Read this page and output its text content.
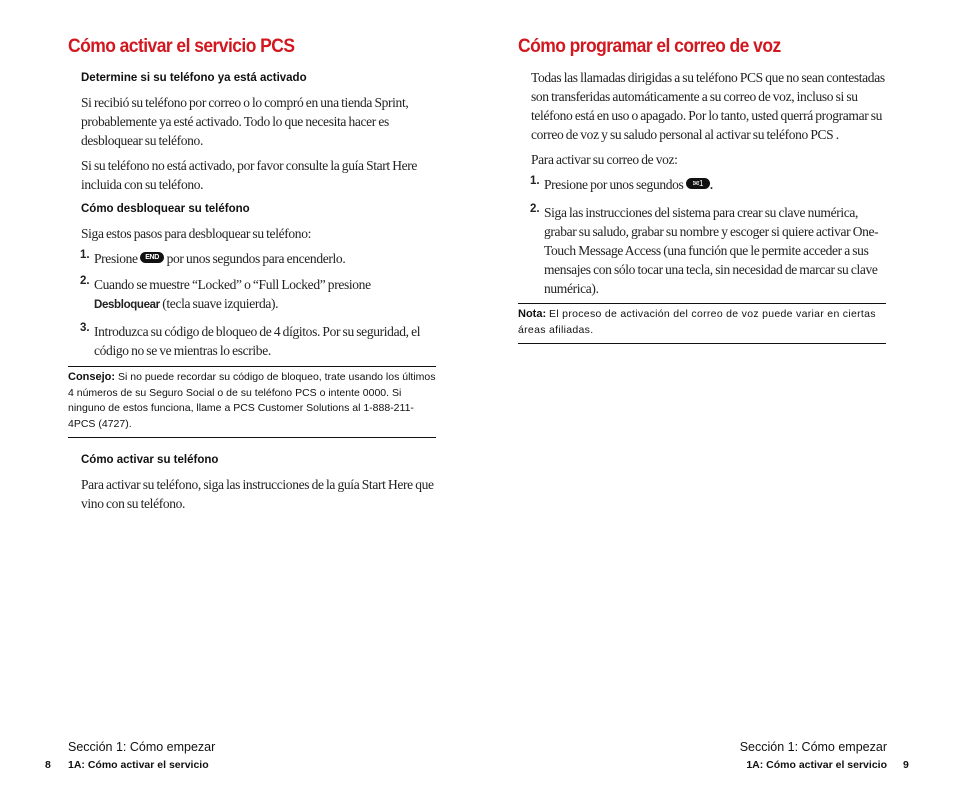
Cómo activar el servicio PCS
Determine si su teléfono ya está activado

Si recibió su teléfono por correo o lo compró en una tienda Sprint, probablemente ya esté activado. Todo lo que necesita hacer es desbloquear su teléfono.

Si su teléfono no está activado, por favor consulte la guía Start Here incluida con su teléfono.

Cómo desbloquear su teléfono

Siga estos pasos para desbloquear su teléfono:

1. Presione END por unos segundos para encenderlo.

2. Cuando se muestre “Locked” o “Full Locked” presione Desbloquear (tecla suave izquierda).

3. Introduzca su código de bloqueo de 4 dígitos. Por su seguridad, el código no se ve mientras lo escribe.

Consejo: Si no puede recordar su código de bloqueo, trate usando los últimos 4 números de su Seguro Social o de su teléfono PCS o intente 0000. Si ninguno de estos funciona, llame a PCS Customer Solutions al 1-888-211-4PCS (4727).
Cómo activar su teléfono

Para activar su teléfono, siga las instrucciones de la guía Start Here que vino con su teléfono.

Cómo programar el correo de voz

Todas las llamadas dirigidas a su teléfono PCS que no sean contestadas son transferidas automáticamente a su correo de voz, incluso si su teléfono está en uso o apagado. Por lo tanto, usted querrá programar su correo de voz y su saludo personal al activar su teléfono PCS .

Para activar su correo de voz:

1. Presione por unos segundos ✉1 .

2. Siga las instrucciones del sistema para crear su clave numérica, grabar su saludo, grabar su nombre y escoger si quiere activar One-Touch Message Access (una función que le permite acceder a sus mensajes con sólo tocar una tecla, sin necesidad de marcar su clave numérica).

Nota: El proceso de activación del correo de voz puede variar en ciertas áreas afiliadas.
Sección 1: Cómo empezar
8 1A: Cómo activar el servicio
Sección 1: Cómo empezar
1A: Cómo activar el servicio 9
